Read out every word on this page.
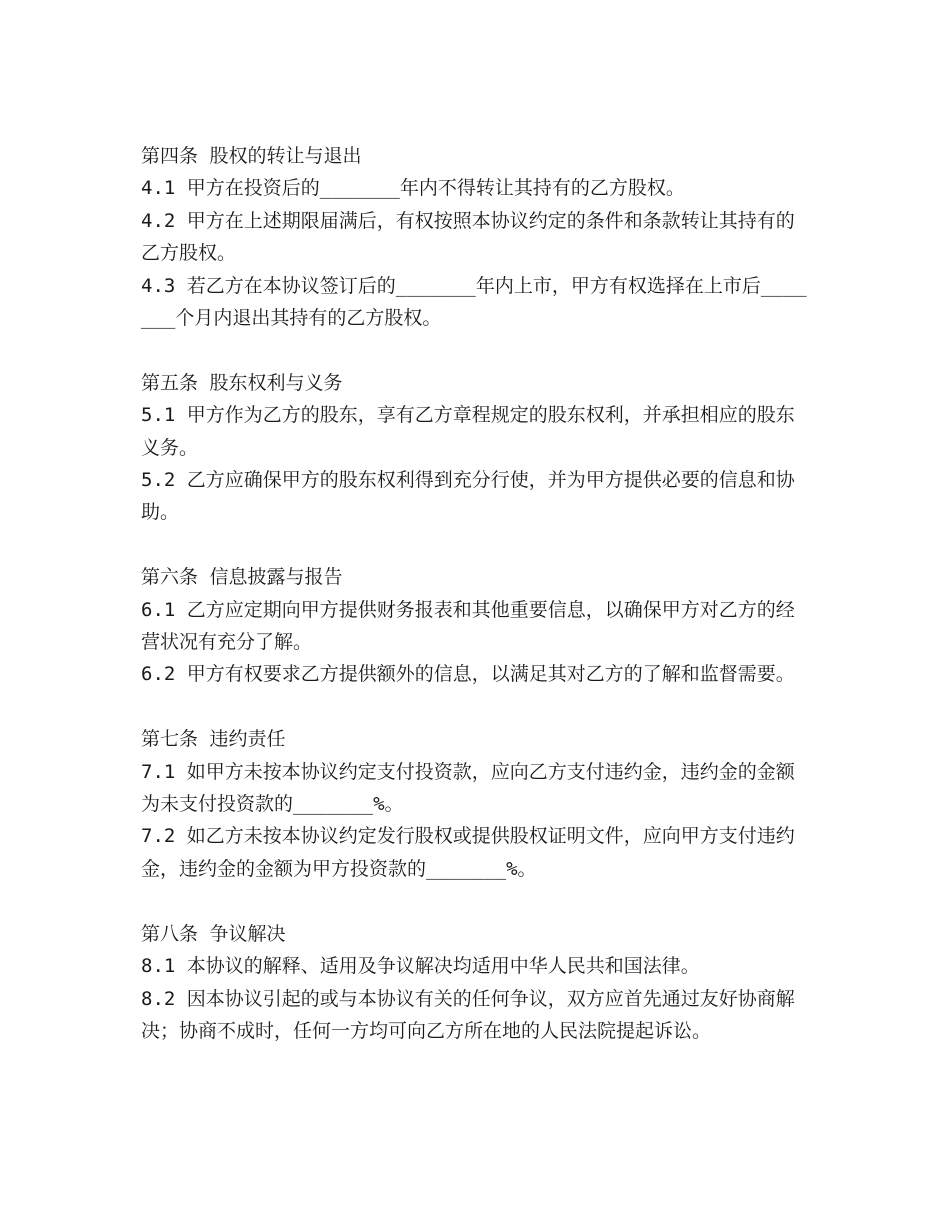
第四条 股权的转让与退出

4.1 甲方在投资后的_______年内不得转让其持有的乙方股权。

4.2 甲方在上述期限届满后，有权按照本协议约定的条件和条款转让其持有的乙方股权。

4.3 若乙方在本协议签订后的_______年内上市，甲方有权选择在上市后_______个月内退出其持有的乙方股权。

第五条 股东权利与义务

5.1 甲方作为乙方的股东，享有乙方章程规定的股东权利，并承担相应的股东义务。

5.2 乙方应确保甲方的股东权利得到充分行使，并为甲方提供必要的信息和协助。

第六条 信息披露与报告

6.1 乙方应定期向甲方提供财务报表和其他重要信息，以确保甲方对乙方的经营状况有充分了解。

6.2 甲方有权要求乙方提供额外的信息，以满足其对乙方的了解和监督需要。

第七条 违约责任

7.1 如甲方未按本协议约定支付投资款，应向乙方支付违约金，违约金的金额为未支付投资款的_______%。

7.2 如乙方未按本协议约定发行股权或提供股权证明文件，应向甲方支付违约金，违约金的金额为甲方投资款的_______%。

第八条 争议解决

8.1 本协议的解释、适用及争议解决均适用中华人民共和国法律。

8.2 因本协议引起的或与本协议有关的任何争议，双方应首先通过友好协商解决；协商不成时，任何一方均可向乙方所在地的人民法院提起诉讼。
